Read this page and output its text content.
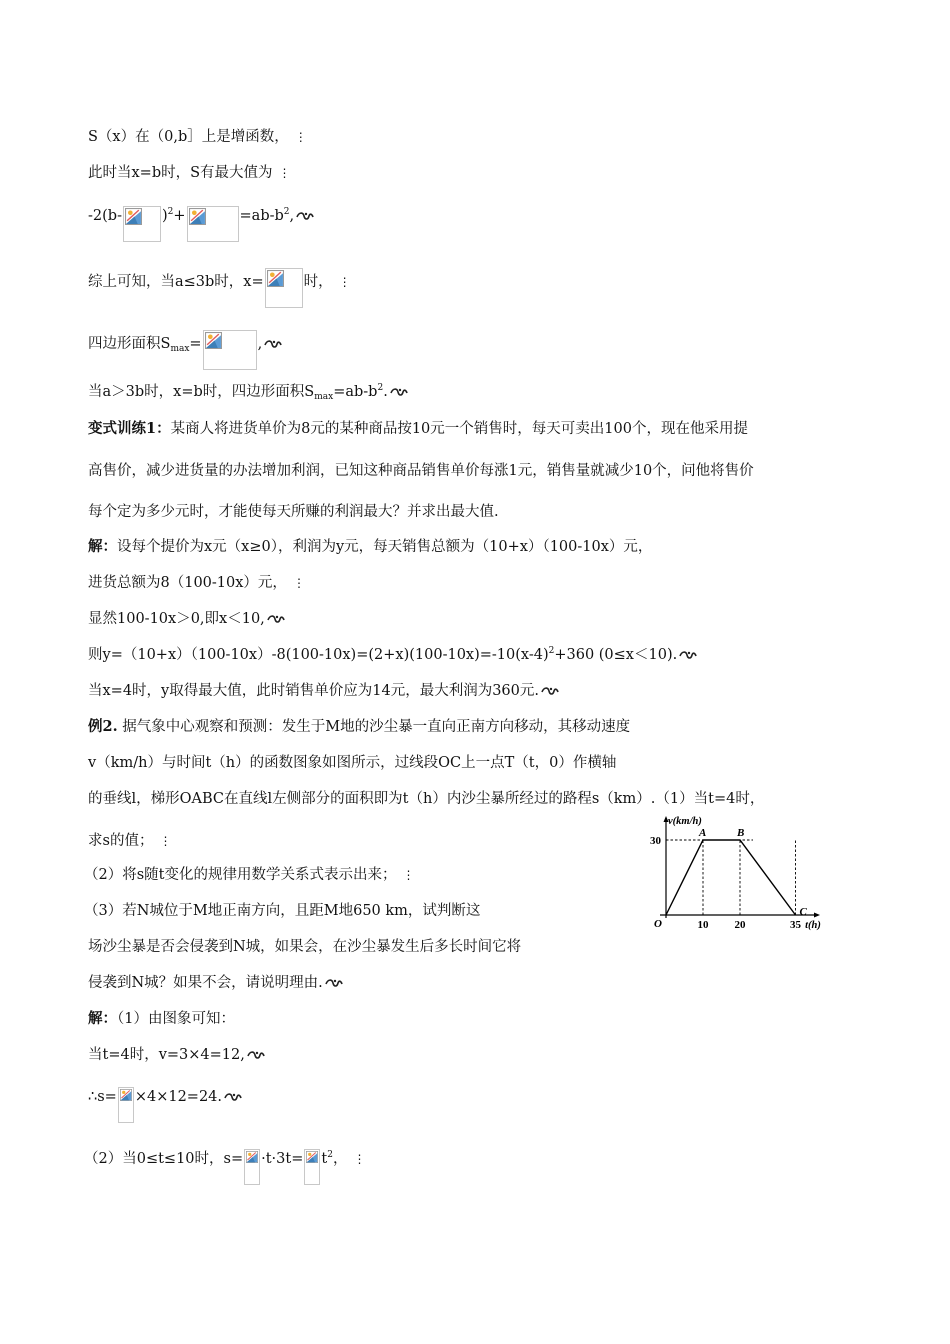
S（x）在（0,b］上是增函数， ⋮
此时当x=b时，S有最大值为 ⋮
-2(b-	)$^2$+	$=ab-b^2$,
综上可知，当a≤3b时，x=	时， ⋮
四边形面积$S_{max}=$	,
当a＞3b时，x=b时，四边形面积$S_{max}=ab-b^2$.
变式训练1：某商人将进货单价为8元的某种商品按10元一个销售时，每天可卖出100个，现在他采用提
高售价，减少进货量的办法增加利润，已知这种商品销售单价每涨1元，销售量就减少10个，问他将售价
每个定为多少元时，才能使每天所赚的利润最大？并求出最大值.
解：设每个提价为x元（x≥0），利润为y元，每天销售总额为（10+x）（100-10x）元，
进货总额为8（100-10x）元， ⋮
显然100-10x＞0,即x＜10,
则$y=(10+x)(100-10x)-8(100-10x)=(2+x)(100-10x)=-10(x-4)^2+360$ (0≤x＜10).
当x=4时，y取得最大值，此时销售单价应为14元，最大利润为360元.
例2. 据气象中心观察和预测：发生于M地的沙尘暴一直向正南方向移动，其移动速度
v（km/h）与时间t（h）的函数图象如图所示，过线段OC上一点T（t，0）作横轴
的垂线l，梯形OABC在直线l左侧部分的面积即为t（h）内沙尘暴所经过的路程s（km）.（1）当t=4时，
求s的值； ⋮
（2）将s随t变化的规律用数学关系式表示出来； ⋮
（3）若N城位于M地正南方向，且距M地650 km，试判断这
场沙尘暴是否会侵袭到N城，如果会，在沙尘暴发生后多长时间它将
侵袭到N城？如果不会，请说明理由.
解：（1）由图象可知：
当t=4时，v=3×4=12,
∴s= ×4×12=24.
（2）当0≤t≤10时，$s= \cdot t\cdot 3t= t^2$， ⋮
O
A	B
C
10 20	35
30
t(h)
v(km/h)
